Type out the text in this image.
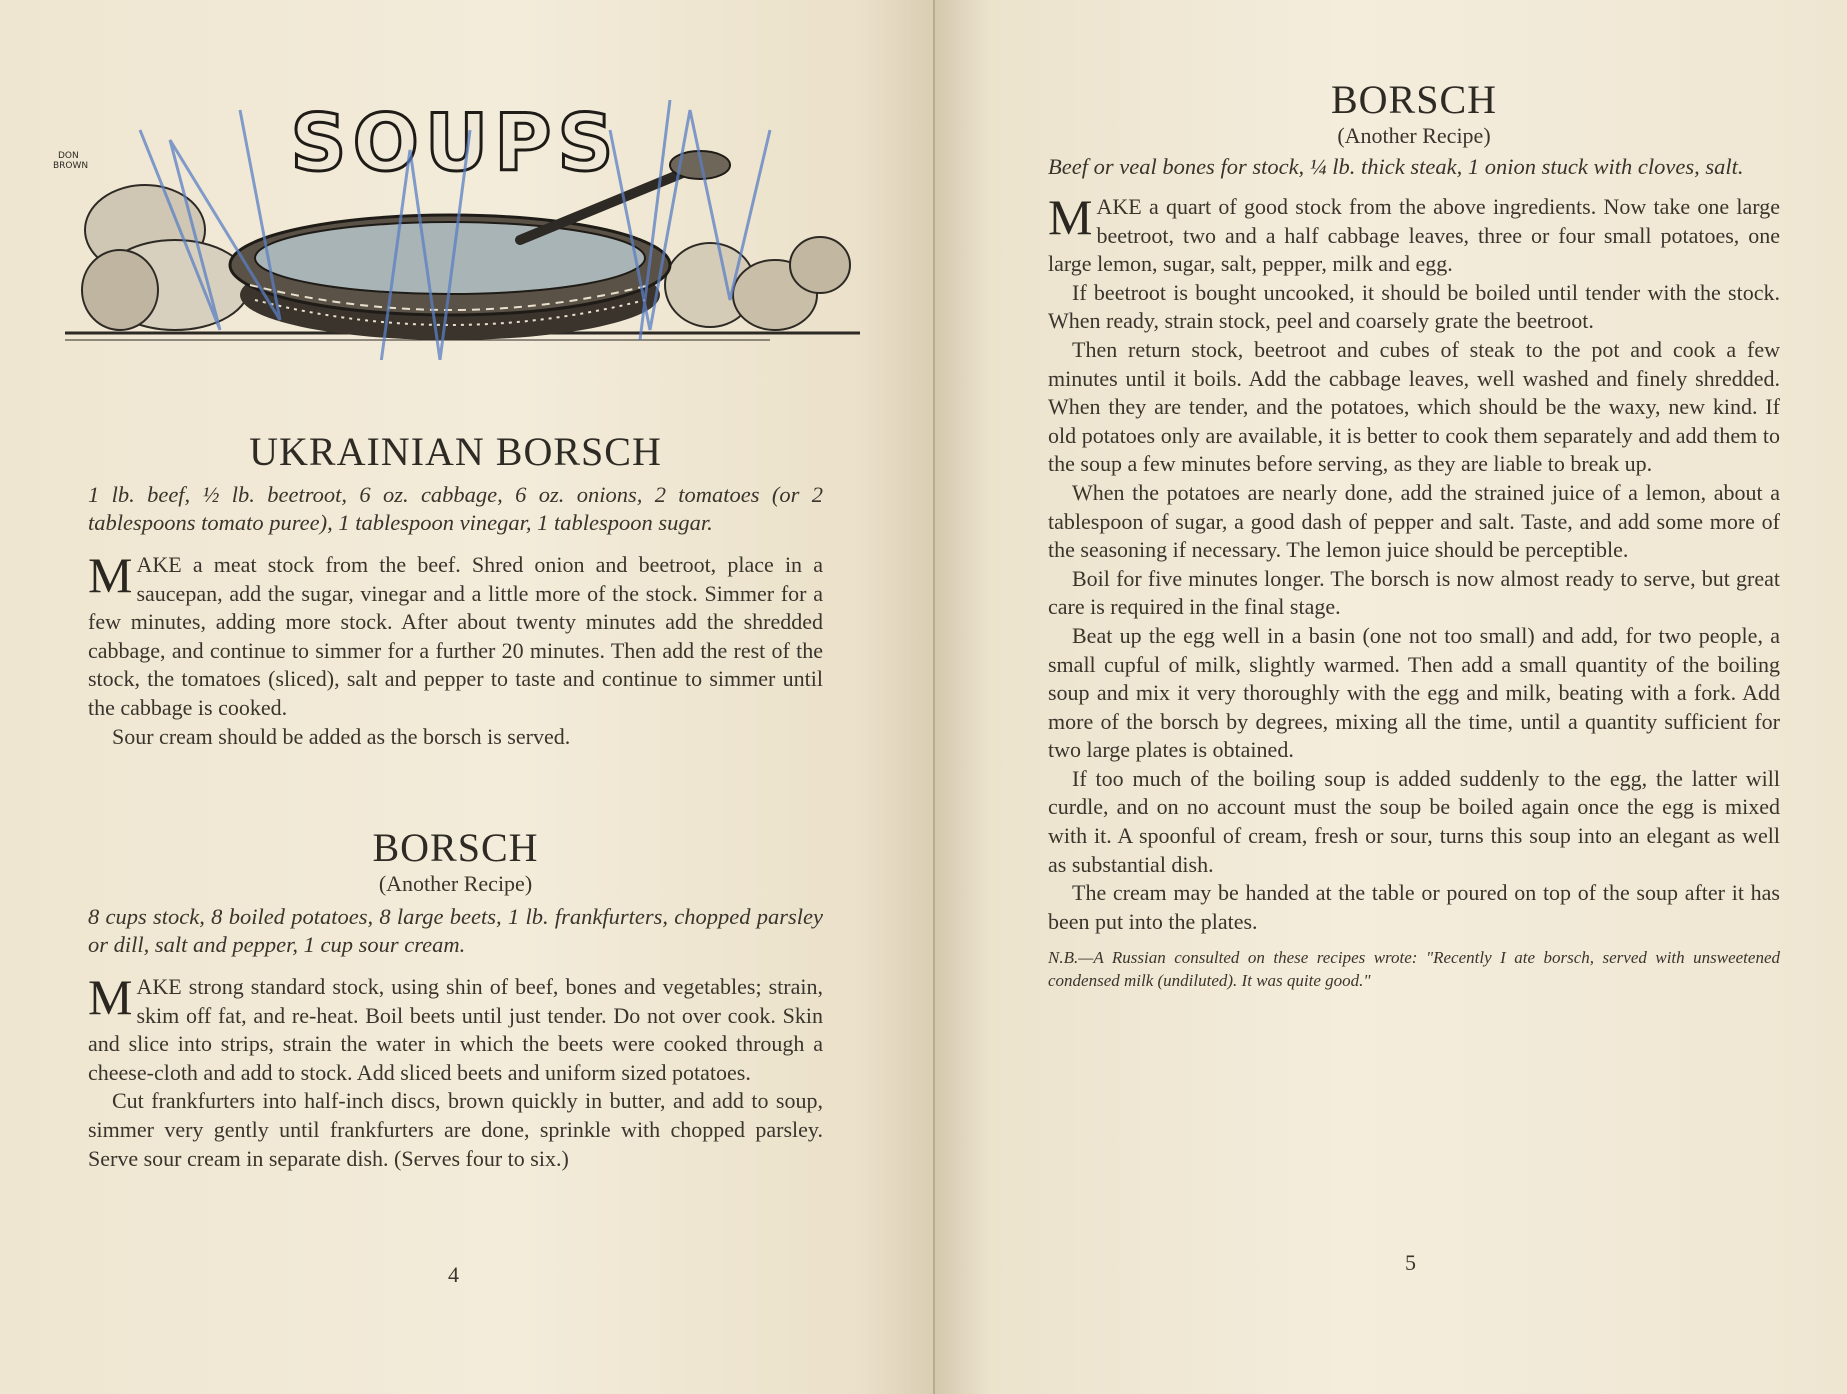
SOUPS
DON BROWN
UKRAINIAN BORSCH

1 lb. beef, ½ lb. beetroot, 6 oz. cabbage, 6 oz. onions, 2 tomatoes (or 2 tablespoons tomato puree), 1 tablespoon vinegar, 1 tablespoon sugar.

M AKE a meat stock from the beef. Shred onion and beetroot, place in a saucepan, add the sugar, vinegar and a little more of the stock. Simmer for a few minutes, adding more stock. After about twenty minutes add the shredded cabbage, and continue to simmer for a further 20 minutes. Then add the rest of the stock, the tomatoes (sliced), salt and pepper to taste and continue to simmer until the cabbage is cooked.

Sour cream should be added as the borsch is served.

BORSCH

(Another Recipe)

8 cups stock, 8 boiled potatoes, 8 large beets, 1 lb. frankfurters, chopped parsley or dill, salt and pepper, 1 cup sour cream.

M AKE strong standard stock, using shin of beef, bones and vegetables; strain, skim off fat, and re-heat. Boil beets until just tender. Do not over cook. Skin and slice into strips, strain the water in which the beets were cooked through a cheese-cloth and add to stock. Add sliced beets and uniform sized potatoes.

Cut frankfurters into half-inch discs, brown quickly in butter, and add to soup, simmer very gently until frankfurters are done, sprinkle with chopped parsley. Serve sour cream in separate dish. (Serves four to six.)

4
BORSCH

(Another Recipe)

Beef or veal bones for stock, ¼ lb. thick steak, 1 onion stuck with cloves, salt.

M AKE a quart of good stock from the above ingredients. Now take one large beetroot, two and a half cabbage leaves, three or four small potatoes, one large lemon, sugar, salt, pepper, milk and egg.

If beetroot is bought uncooked, it should be boiled until tender with the stock. When ready, strain stock, peel and coarsely grate the beetroot.

Then return stock, beetroot and cubes of steak to the pot and cook a few minutes until it boils. Add the cabbage leaves, well washed and finely shredded. When they are tender, and the potatoes, which should be the waxy, new kind. If old potatoes only are available, it is better to cook them separately and add them to the soup a few minutes before serving, as they are liable to break up.

When the potatoes are nearly done, add the strained juice of a lemon, about a tablespoon of sugar, a good dash of pepper and salt. Taste, and add some more of the seasoning if necessary. The lemon juice should be perceptible.

Boil for five minutes longer. The borsch is now almost ready to serve, but great care is required in the final stage.

Beat up the egg well in a basin (one not too small) and add, for two people, a small cupful of milk, slightly warmed. Then add a small quantity of the boiling soup and mix it very thoroughly with the egg and milk, beating with a fork. Add more of the borsch by degrees, mixing all the time, until a quantity sufficient for two large plates is obtained.

If too much of the boiling soup is added suddenly to the egg, the latter will curdle, and on no account must the soup be boiled again once the egg is mixed with it. A spoonful of cream, fresh or sour, turns this soup into an elegant as well as substantial dish.

The cream may be handed at the table or poured on top of the soup after it has been put into the plates.

N.B.—A Russian consulted on these recipes wrote: "Recently I ate borsch, served with unsweetened condensed milk (undiluted). It was quite good."

5
